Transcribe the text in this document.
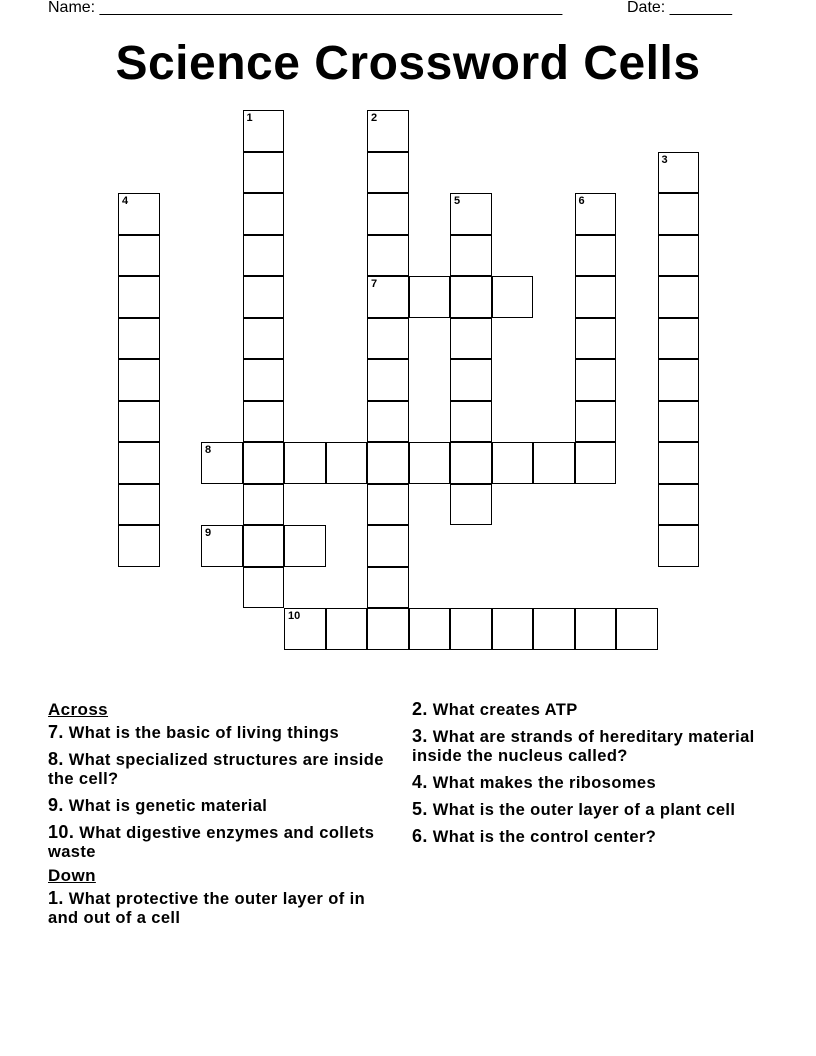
Name: ____________________________________________________	Date: _______
Science Crossword Cells
1	2
7
3
4	5	6
8
9
10
Across
7. What is the basic of living things
8. What specialized structures are inside the cell?
9. What is genetic material
10. What digestive enzymes and collets waste
Down
1. What protective the outer layer of in and out of a cell
2. What creates ATP
3. What are strands of hereditary material inside the nucleus called?
4. What makes the ribosomes
5. What is the outer layer of a plant cell
6. What is the control center?
